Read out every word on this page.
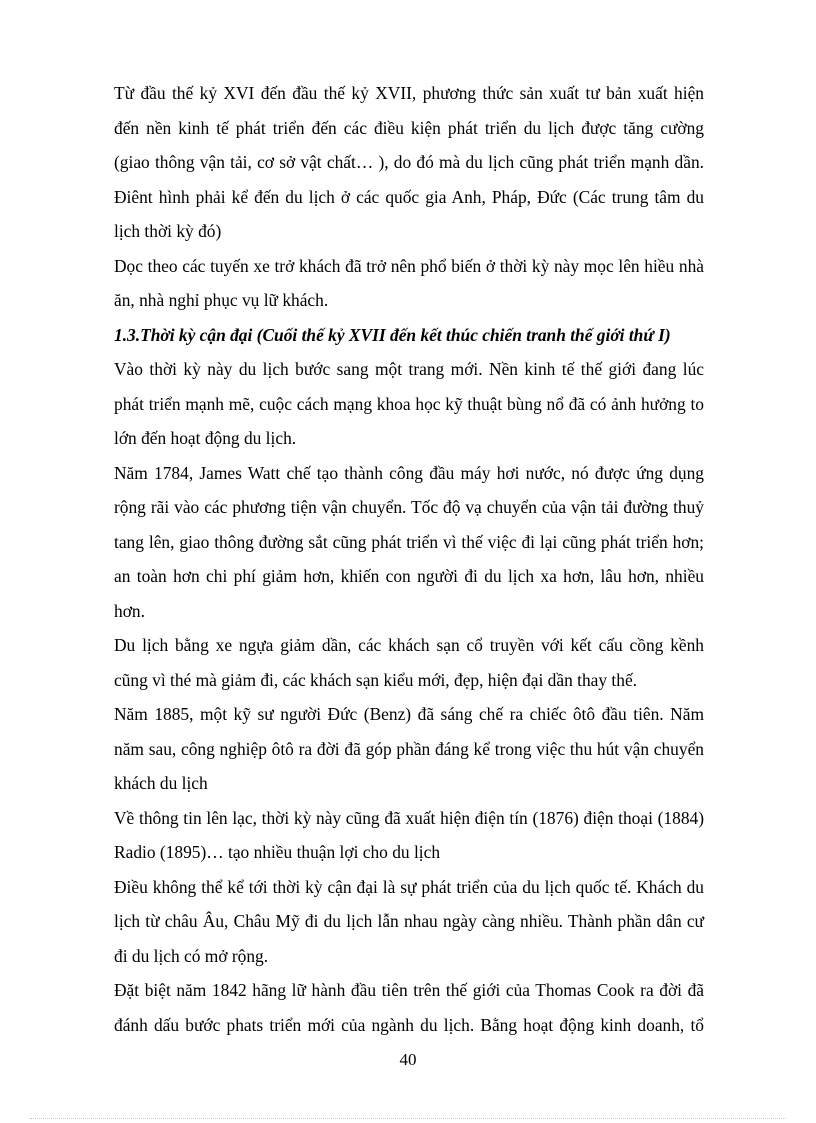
Từ đầu thế kỷ XVI đến đầu thế kỷ XVII, phương thức sản xuất tư bản xuất hiện
đến nền kinh tế phát triển đến các điều kiện phát triển du lịch được tăng cường
(giao thông vận tải, cơ sở vật chất… ), do đó mà du lịch cũng phát triển mạnh dần.
Điênt hình phải kể đến du lịch ở các quốc gia Anh, Pháp, Đức (Các trung tâm du
lịch thời kỳ đó)
Dọc theo các tuyến xe trở khách đã trở nên phổ biến ở thời kỳ này mọc lên hiều nhà
ăn, nhà nghỉ phục vụ lữ khách.
1.3.Thời kỳ cận đại (Cuối thế kỷ XVII đến kết thúc chiến tranh thế giới thứ I)
Vào thời kỳ này du lịch bước sang một trang mới. Nền kinh tế thế giới đang lúc
phát triển mạnh mẽ, cuộc cách mạng khoa học kỹ thuật bùng nổ đã có ảnh hưởng to
lớn đến hoạt động du lịch.
Năm 1784, James Watt chế tạo thành công đầu máy hơi nước, nó được ứng dụng
rộng rãi vào các phương tiện vận chuyển. Tốc độ vạ chuyển của vận tải đường thuỷ
tang lên, giao thông đường sắt cũng phát triển vì thế việc đi lại cũng phát triển hơn;
an toàn hơn chi phí giảm hơn, khiến con người đi du lịch xa hơn, lâu hơn, nhiều
hơn.
Du lịch bằng xe ngựa giảm dần, các khách sạn cổ truyền với kết cấu cồng kềnh
cũng vì thé mà giảm đi, các khách sạn kiểu mới, đẹp, hiện đại dần thay thế.
Năm 1885, một kỹ sư người Đức (Benz) đã sáng chế ra chiếc ôtô đầu tiên. Năm
năm sau, công nghiệp ôtô ra đời đã góp phần đáng kể trong việc thu hút vận chuyển
khách du lịch
Về thông tin lên lạc, thời kỳ này cũng đã xuất hiện điện tín (1876) điện thoại (1884)
Radio (1895)… tạo nhiều thuận lợi cho du lịch
Điều không thể kể tới thời kỳ cận đại là sự phát triển của du lịch quốc tế. Khách du
lịch từ châu Âu, Châu Mỹ đi du lịch lẫn nhau ngày càng nhiều. Thành phần dân cư
đi du lịch có mở rộng.
Đặt biệt năm 1842 hãng lữ hành đầu tiên trên thế giới của Thomas Cook ra đời đã
đánh dấu bước phats triển mới của ngành du lịch. Bằng hoạt động kinh doanh, tổ
40
